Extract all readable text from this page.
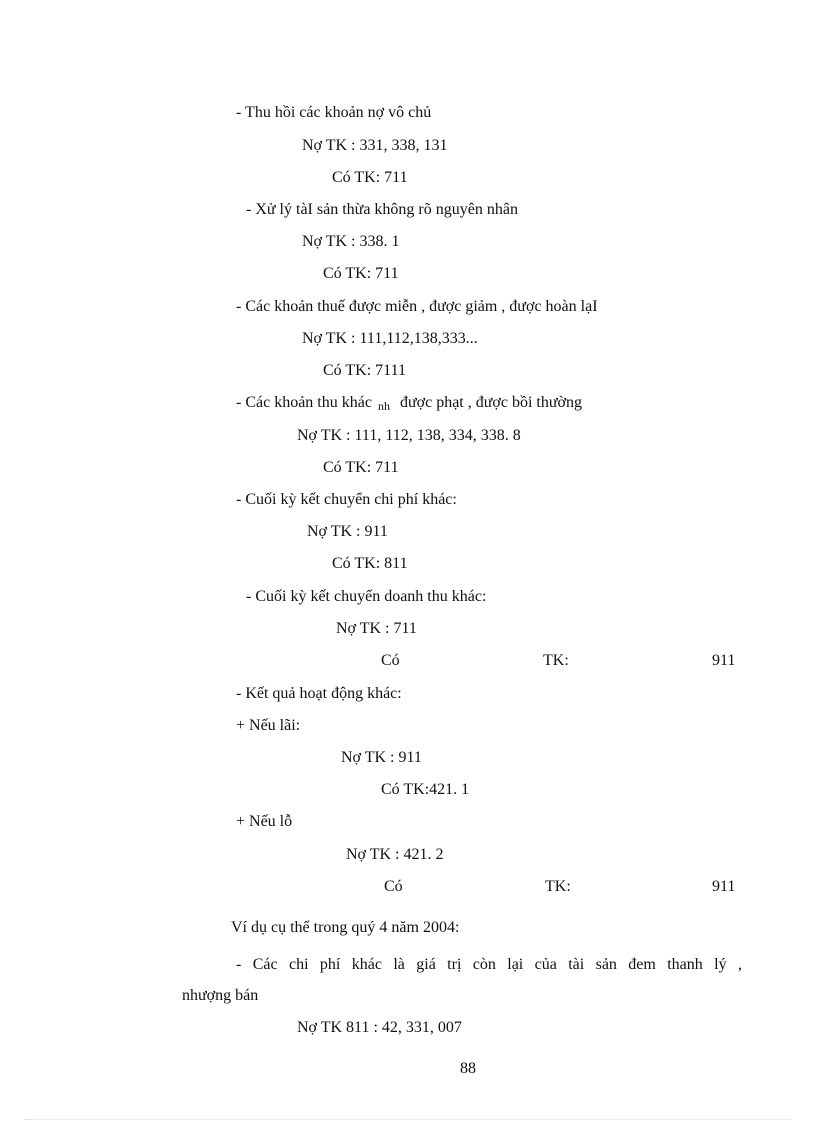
- Thu hồi các khoản nợ vô chủ

Nợ TK : 331, 338, 131

Có TK: 711

- Xử lý tàI sản thừa không rõ nguyên nhân

Nợ TK : 338. 1

Có TK: 711

- Các khoản thuế được miễn , được giảm , được hoàn lạI

Nợ TK : 111,112,138,333...

Có TK: 7111

- Các khoản thu khác nh được phạt , được bồi thường

Nợ TK : 111, 112, 138, 334, 338. 8

Có TK: 711

- Cuối kỳ kết chuyển chi phí khác:

Nợ TK : 911

Có TK: 811

- Cuối kỳ kết chuyển doanh thu khác:

Nợ TK : 711

Có	TK:	911

- Kết quả hoạt động khác:

+ Nếu lãi:

Nợ TK : 911

Có TK:421. 1

+ Nếu lỗ

Nợ TK : 421. 2

Có	TK:	911

Ví dụ cụ thể trong quý 4 năm 2004:

- Các chi phí khác là giá trị còn lại của tài sản đem thanh lý ,

nhượng bán

Nợ TK 811 : 42, 331, 007

88
